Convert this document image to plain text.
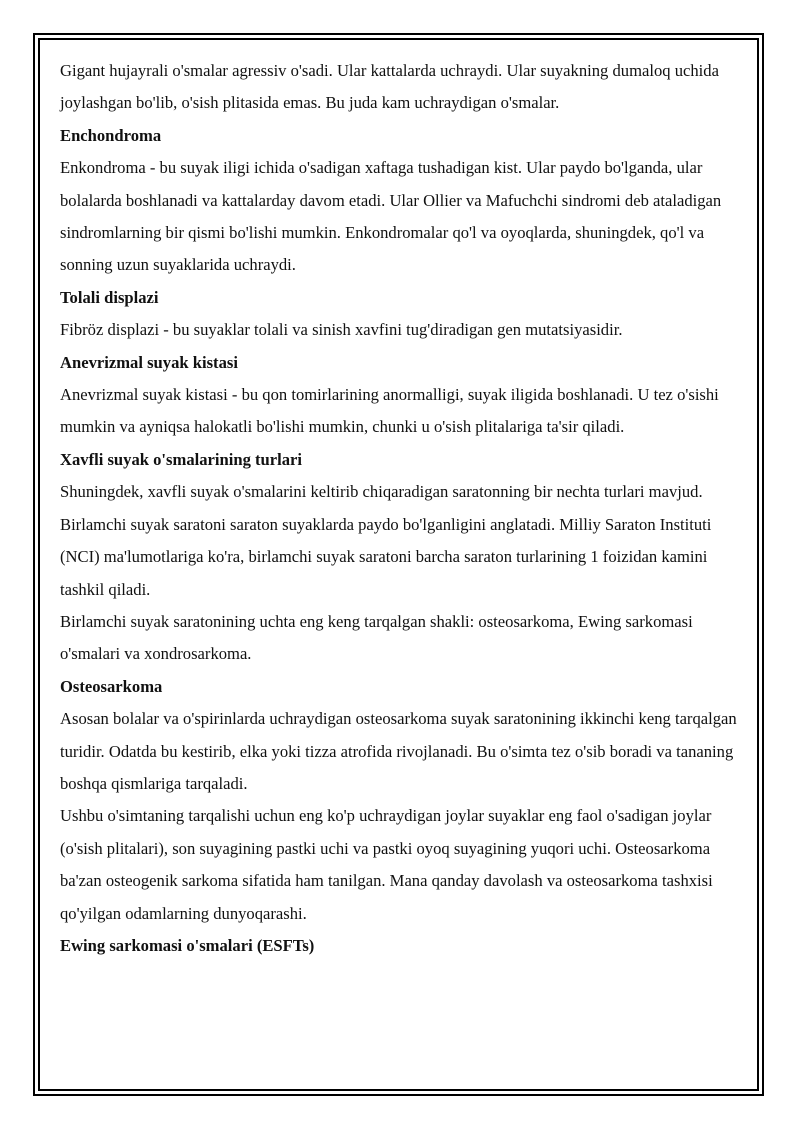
Gigant hujayrali o'smalar agressiv o'sadi. Ular kattalarda uchraydi. Ular suyakning dumaloq uchida joylashgan bo'lib, o'sish plitasida emas. Bu juda kam uchraydigan o'smalar.

Enchondroma

Enkondroma - bu suyak iligi ichida o'sadigan xaftaga tushadigan kist. Ular paydo bo'lganda, ular bolalarda boshlanadi va kattalarday davom etadi. Ular Ollier va Mafuchchi sindromi deb ataladigan sindromlarning bir qismi bo'lishi mumkin. Enkondromalar qo'l va oyoqlarda, shuningdek, qo'l va sonning uzun suyaklarida uchraydi.

Tolali displazi

Fibröz displazi - bu suyaklar tolali va sinish xavfini tug'diradigan gen mutatsiyasidir.

Anevrizmal suyak kistasi

Anevrizmal suyak kistasi - bu qon tomirlarining anormalligi, suyak iligida boshlanadi. U tez o'sishi mumkin va ayniqsa halokatli bo'lishi mumkin, chunki u o'sish plitalariga ta'sir qiladi.

Xavfli suyak o'smalarining turlari

Shuningdek, xavfli suyak o'smalarini keltirib chiqaradigan saratonning bir nechta turlari mavjud. Birlamchi suyak saratoni saraton suyaklarda paydo bo'lganligini anglatadi. Milliy Saraton Instituti (NCI) ma'lumotlariga ko'ra, birlamchi suyak saratoni barcha saraton turlarining 1 foizidan kamini tashkil qiladi.

Birlamchi suyak saratonining uchta eng keng tarqalgan shakli: osteosarkoma, Ewing sarkomasi o'smalari va xondrosarkoma.

Osteosarkoma

Asosan bolalar va o'spirinlarda uchraydigan osteosarkoma suyak saratonining ikkinchi keng tarqalgan turidir. Odatda bu kestirib, elka yoki tizza atrofida rivojlanadi. Bu o'simta tez o'sib boradi va tananing boshqa qismlariga tarqaladi.

Ushbu o'simtaning tarqalishi uchun eng ko'p uchraydigan joylar suyaklar eng faol o'sadigan joylar (o'sish plitalari), son suyagining pastki uchi va pastki oyoq suyagining yuqori uchi. Osteosarkoma ba'zan osteogenik sarkoma sifatida ham tanilgan. Mana qanday davolash va osteosarkoma tashxisi qo'yilgan odamlarning dunyoqarashi.

Ewing sarkomasi o'smalari (ESFTs)
